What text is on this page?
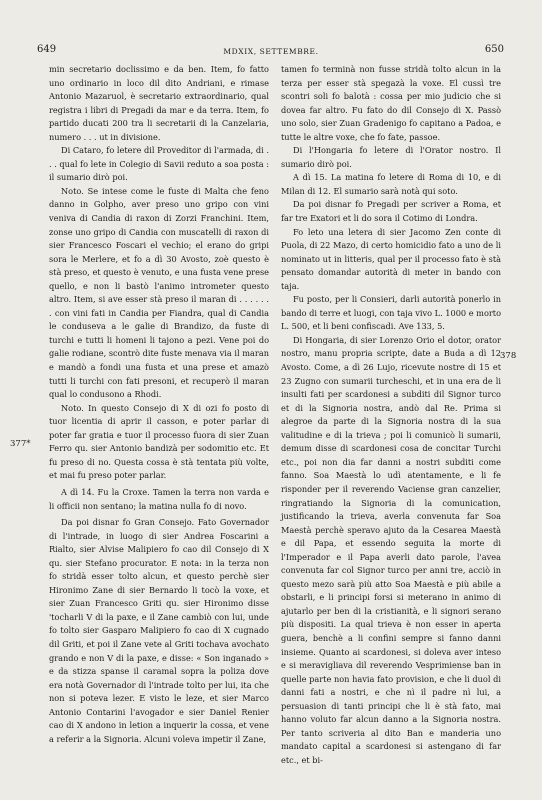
649	MDXIX, SETTEMBRE.	650
377*
378

min secretario doclissimo e da ben. Item, fo fatto uno ordinario in loco dil dito Andriani, e rimase Antonio Mazaruol, è secretario extraordinario, qual registra i libri di Pregadi da mar e da terra. Item, fo partido ducati 200 tra li secretarii di la Canzelaria, numero . . . ut in divisione.

Di Cataro, fo letere dil Proveditor di l'armada, di . . . qual fo lete in Colegio di Savii reduto a soa posta : il sumario dirò poi.

Noto. Se intese come le fuste di Malta che feno danno in Golpho, aver preso uno gripo con vini veniva di Candia di raxon di Zorzi Franchini. Item, zonse uno gripo di Candia con muscatelli di raxon di sier Francesco Foscari el vechio; el erano do gripi sora le Merlere, et fo a dì 30 Avosto, zoè questo è stà preso, et questo è venuto, e una fusta vene prese quello, e non li bastò l'animo intrometer questo altro. Item, si ave esser stà preso il maran di . . . . . . . con vini fati in Candia per Fiandra, qual di Candia le conduseva a le galie di Brandizo, da fuste di turchi e tutti li homeni li tajono a pezi. Vene poi do galie rodiane, scontrò dite fuste menava via il maran e mandò a fondi una fusta et una prese et amazò tutti li turchi con fati presoni, et recuperò il maran qual lo condusono a Rhodi.

Noto. In questo Consejo di X di ozi fo posto di tuor licentia di aprir il casson, e poter parlar di poter far gratia e tuor il processo fuora di sier Zuan Ferro qu. sier Antonio bandizà per sodomitio etc. Et fu preso di no. Questa cossa è stà tentata più volte, et mai fu preso poter parlar.

A dì 14. Fu la Croxe. Tamen la terra non varda e li officii non sentano; la matina nulla fo di novo.

Da poi disnar fo Gran Consejo. Fato Governador di l'intrade, in luogo di sier Andrea Foscarini a Rialto, sier Alvise Malipiero fo cao dil Consejo di X qu. sier Stefano procurator. E nota: in la terza non fo stridà esser tolto alcun, et questo perchè sier Hironimo Zane di sier Bernardo li tocò la voxe, et sier Zuan Francesco Griti qu. sier Hironimo disse 'tocharli V di la paxe, e il Zane cambiò con lui, unde fo tolto sier Gasparo Malipiero fo cao di X cugnado dil Griti, et poi il Zane vete al Griti tochava avochato grando e non V di la paxe, e disse: « Son inganado » e da stizza spanse il caramal sopra la poliza dove era notà Governador di l'intrade tolto per lui, ita che non si poteva lezer. E visto le leze, et sier Marco Antonio Contarini l'avogador e sier Daniel Renier cao di X andono in letion a inquerir la cossa, et vene a referir a la Signoria. Alcuni voleva impetir il Zane,

tamen fo terminà non fusse stridà tolto alcun in la terza per esser stà spegazà la voxe. El cussì tre scontri soli fo balotà : cossa per mio judicio che si dovea far altro. Fu fato do dil Consejo di X. Passò uno solo, sier Zuan Gradenigo fo capitano a Padoa, e tutte le altre voxe, che fo fate, passoe.

Di l'Hongaria fo letere di l'Orator nostro. Il sumario dirò poi.

A dì 15. La matina fo letere di Roma di 10, e di Milan di 12. El sumario sarà notà qui soto.

Da poi disnar fo Pregadi per scriver a Roma, et far tre Exatori et li do sora il Cotimo di Londra.

Fo leto una letera di sier Jacomo Zen conte di Puola, di 22 Mazo, di certo homicidio fato a uno de li nominato ut in litteris, qual per il processo fato è stà pensato domandar autorità di meter in bando con taja.

Fu posto, per li Consieri, darli autorità ponerlo in bando di terre et luogi, con taja vivo L. 1000 e morto L. 500, et li beni confiscadi. Ave 133, 5.

Di Hongaria, di sier Lorenzo Orio el dotor, orator nostro, manu propria scripte, date a Buda a dì 12 Avosto. Come, a dì 26 Lujo, ricevute nostre di 15 et 23 Zugno con sumarii turcheschi, et in una era de li insulti fati per scardonesi a subditi dil Signor turco et di la Signoria nostra, andò dal Re. Prima si alegroe da parte di la Signoria nostra di la sua valitudine e di la trieva ; poi li comunicò li sumarii, demum disse di scardonesi cosa de concitar Turchi etc., poi non dia far danni a nostri subditi come fanno. Soa Maestà lo udì atentamente, e li fe risponder per il reverendo Vaciense gran canzelier, ringratiando la Signoria di la comunication, justificando la trieva, averla convenuta far Soa Maestà perchè speravo ajuto da la Cesarea Maestà e dil Papa, et essendo seguita la morte di l'Imperador e il Papa averli dato parole, l'avea convenuta far col Signor turco per anni tre, acciò in questo mezo sarà più atto Soa Maestà e più abile a obstarli, e li principi forsi si meterano in animo di ajutarlo per ben di la cristianità, e li signori serano più dispositi. La qual trieva è non esser in aperta guera, benchè a li confini sempre si fanno danni insieme. Quanto ai scardonesi, si doleva aver inteso e si meravigliava dil reverendo Vesprimiense ban in quelle parte non havia fato provision, e che li duol di danni fati a nostri, e che nì il padre nì lui, a persuasion di tanti principi che li è stà fato, mai hanno voluto far alcun danno a la Signoria nostra. Per tanto scriveria al dito Ban e manderia uno mandato capital a scardonesi si astengano di far etc., et bi-
